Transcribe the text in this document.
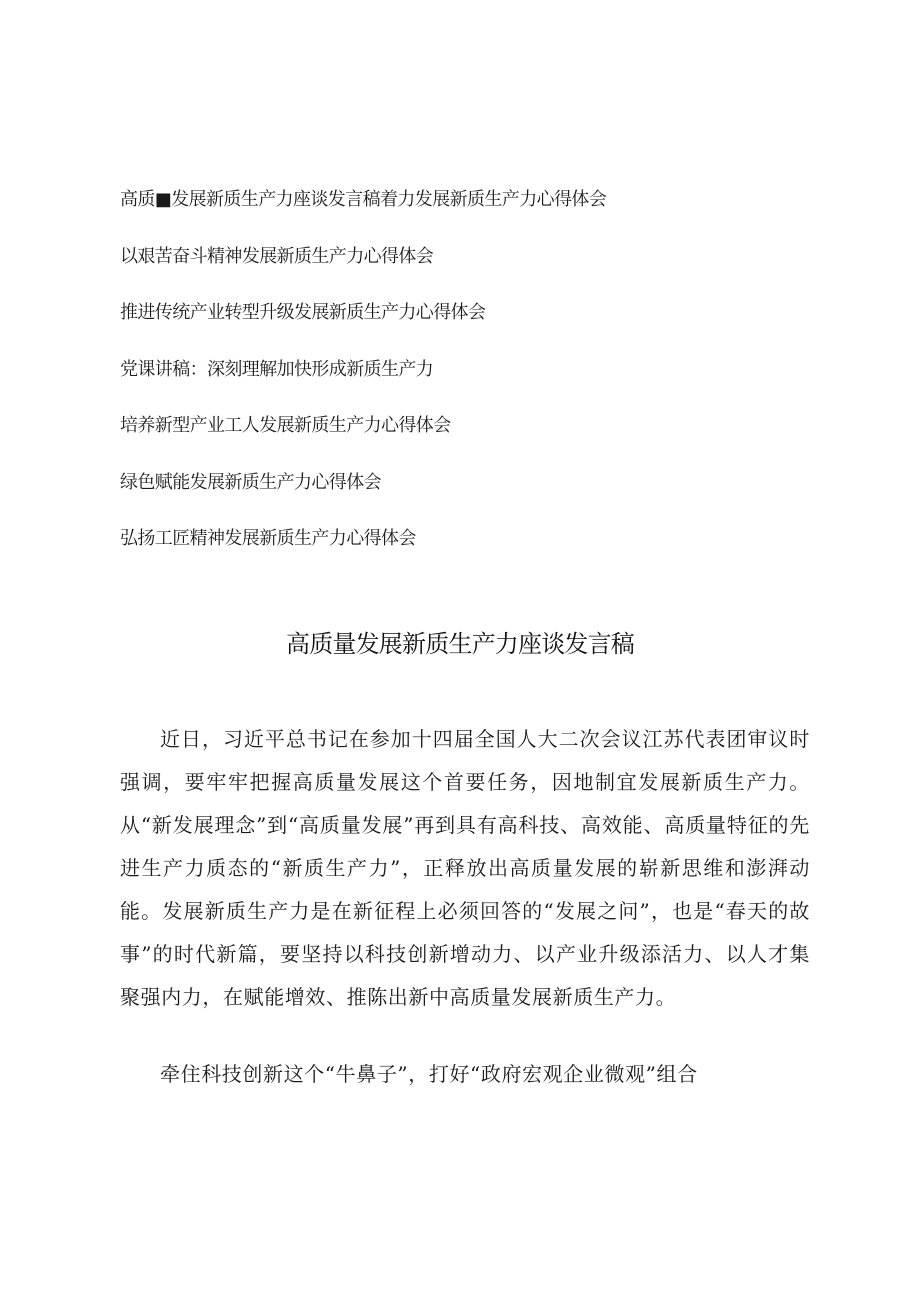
高质■发展新质生产力座谈发言稿着力发展新质生产力心得体会
以艰苦奋斗精神发展新质生产力心得体会
推进传统产业转型升级发展新质生产力心得体会
党课讲稿：深刻理解加快形成新质生产力
培养新型产业工人发展新质生产力心得体会
绿色赋能发展新质生产力心得体会
弘扬工匠精神发展新质生产力心得体会
高质量发展新质生产力座谈发言稿

近日，习近平总书记在参加十四届全国人大二次会议江苏代表团审议时强调，要牢牢把握高质量发展这个首要任务，因地制宜发展新质生产力。从“新发展理念”到“高质量发展”再到具有高科技、高效能、高质量特征的先进生产力质态的“新质生产力”，正释放出高质量发展的崭新思维和澎湃动能。发展新质生产力是在新征程上必须回答的“发展之问”，也是“春天的故事”的时代新篇，要坚持以科技创新增动力、以产业升级添活力、以人才集聚强内力，在赋能增效、推陈出新中高质量发展新质生产力。

牵住科技创新这个“牛鼻子”，打好“政府宏观企业微观”组合
